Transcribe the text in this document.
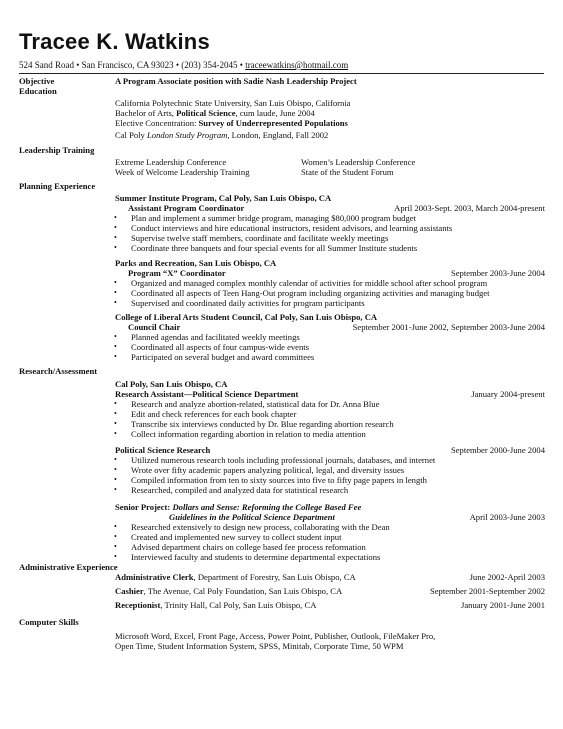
Tracee K. Watkins
524 Sand Road • San Francisco, CA 93023 • (203) 354-2045 • traceewatkins@hotmail.com
Objective	A Program Associate position with Sadie Nash Leadership Project
Education
California Polytechnic State University, San Luis Obispo, California
Bachelor of Arts, Political Science, cum laude, June 2004
Elective Concentration: Survey of Underrepresented Populations
Cal Poly London Study Program, London, England, Fall 2002
Leadership Training
Extreme Leadership Conference	Women’s Leadership Conference
Week of Welcome Leadership Training	State of the Student Forum
Planning Experience
Summer Institute Program, Cal Poly, San Luis Obispo, CA
Assistant Program Coordinator	April 2003-Sept. 2003, March 2004-present
• Plan and implement a summer bridge program, managing $80,000 program budget
• Conduct interviews and hire educational instructors, resident advisors, and learning assistants
• Supervise twelve staff members, coordinate and facilitate weekly meetings
• Coordinate three banquets and four special events for all Summer Institute students
Parks and Recreation, San Luis Obispo, CA
Program “X” Coordinator	September 2003-June 2004
• Organized and managed complex monthly calendar of activities for middle school after school program
• Coordinated all aspects of Teen Hang-Out program including organizing activities and managing budget
• Supervised and coordinated daily activities for program participants
College of Liberal Arts Student Council, Cal Poly, San Luis Obispo, CA
Council Chair	September 2001-June 2002, September 2003-June 2004
• Planned agendas and facilitated weekly meetings
• Coordinated all aspects of four campus-wide events
• Participated on several budget and award committees
Research/Assessment
Cal Poly, San Luis Obispo, CA
Research Assistant—Political Science Department	January 2004-present
• Research and analyze abortion-related, statistical data for Dr. Anna Blue
• Edit and check references for each book chapter
• Transcribe six interviews conducted by Dr. Blue regarding abortion research
• Collect information regarding abortion in relation to media attention
Political Science Research	September 2000-June 2004
• Utilized numerous research tools including professional journals, databases, and internet
• Wrote over fifty academic papers analyzing political, legal, and diversity issues
• Compiled information from ten to sixty sources into five to fifty page papers in length
• Researched, compiled and analyzed data for statistical research
Senior Project: Dollars and Sense: Reforming the College Based Fee
Guidelines in the Political Science Department	April 2003-June 2003
• Researched extensively to design new process, collaborating with the Dean
• Created and implemented new survey to collect student input
• Advised department chairs on college based fee process reformation
• Interviewed faculty and students to determine departmental expectations
Administrative Experience
Administrative Clerk, Department of Forestry, San Luis Obispo, CA	June 2002-April 2003
Cashier, The Avenue, Cal Poly Foundation, San Luis Obispo, CA	September 2001-September 2002
Receptionist, Trinity Hall, Cal Poly, San Luis Obispo, CA	January 2001-June 2001
Computer Skills
Microsoft Word, Excel, Front Page, Access, Power Point, Publisher, Outlook, FileMaker Pro,
Open Time, Student Information System, SPSS, Minitab, Corporate Time, 50 WPM
